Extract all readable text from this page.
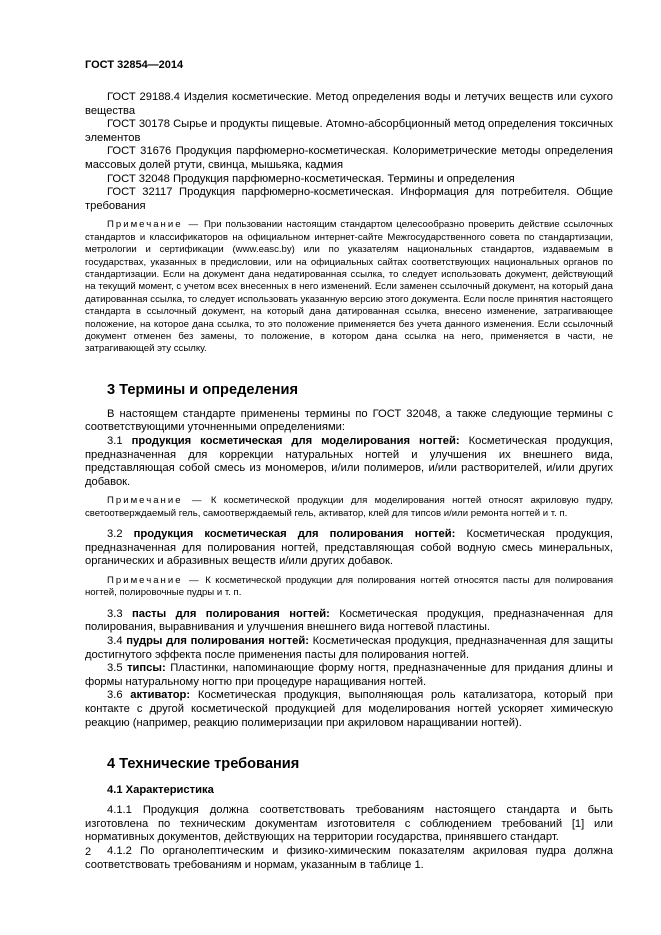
ГОСТ 32854—2014

ГОСТ 29188.4 Изделия косметические. Метод определения воды и летучих веществ или сухого вещества

ГОСТ 30178 Сырье и продукты пищевые. Атомно-абсорбционный метод определения токсичных элементов

ГОСТ 31676 Продукция парфюмерно-косметическая. Колориметрические методы определения массовых долей ртути, свинца, мышьяка, кадмия

ГОСТ 32048 Продукция парфюмерно-косметическая. Термины и определения

ГОСТ 32117 Продукция парфюмерно-косметическая. Информация для потребителя. Общие требования

Примечание — При пользовании настоящим стандартом целесообразно проверить действие ссылочных стандартов и классификаторов на официальном интернет-сайте Межгосударственного совета по стандартизации, метрологии и сертификации (www.easc.by) или по указателям национальных стандартов, издаваемым в государствах, указанных в предисловии, или на официальных сайтах соответствующих национальных органов по стандартизации. Если на документ дана недатированная ссылка, то следует использовать документ, действующий на текущий момент, с учетом всех внесенных в него изменений. Если заменен ссылочный документ, на который дана датированная ссылка, то следует использовать указанную версию этого документа. Если после принятия настоящего стандарта в ссылочный документ, на который дана датированная ссылка, внесено изменение, затрагивающее положение, на которое дана ссылка, то это положение применяется без учета данного изменения. Если ссылочный документ отменен без замены, то положение, в котором дана ссылка на него, применяется в части, не затрагивающей эту ссылку.

3 Термины и определения

В настоящем стандарте применены термины по ГОСТ 32048, а также следующие термины с соответствующими уточненными определениями:

3.1 продукция косметическая для моделирования ногтей: Косметическая продукция, предназначенная для коррекции натуральных ногтей и улучшения их внешнего вида, представляющая собой смесь из мономеров, и/или полимеров, и/или растворителей, и/или других добавок.

Примечание — К косметической продукции для моделирования ногтей относят акриловую пудру, светоотверждаемый гель, самоотверждаемый гель, активатор, клей для типсов и/или ремонта ногтей и т. п.

3.2 продукция косметическая для полирования ногтей: Косметическая продукция, предназначенная для полирования ногтей, представляющая собой водную смесь минеральных, органических и абразивных веществ и/или других добавок.

Примечание — К косметической продукции для полирования ногтей относятся пасты для полирования ногтей, полировочные пудры и т. п.

3.3 пасты для полирования ногтей: Косметическая продукция, предназначенная для полирования, выравнивания и улучшения внешнего вида ногтевой пластины.

3.4 пудры для полирования ногтей: Косметическая продукция, предназначенная для защиты достигнутого эффекта после применения пасты для полирования ногтей.

3.5 типсы: Пластинки, напоминающие форму ногтя, предназначенные для придания длины и формы натуральному ногтю при процедуре наращивания ногтей.

3.6 активатор: Косметическая продукция, выполняющая роль катализатора, который при контакте с другой косметической продукцией для моделирования ногтей ускоряет химическую реакцию (например, реакцию полимеризации при акриловом наращивании ногтей).

4 Технические требования
4.1 Характеристика

4.1.1 Продукция должна соответствовать требованиям настоящего стандарта и быть изготовлена по техническим документам изготовителя с соблюдением требований [1] или нормативных документов, действующих на территории государства, принявшего стандарт.

4.1.2 По органолептическим и физико-химическим показателям акриловая пудра должна соответствовать требованиям и нормам, указанным в таблице 1.

2
